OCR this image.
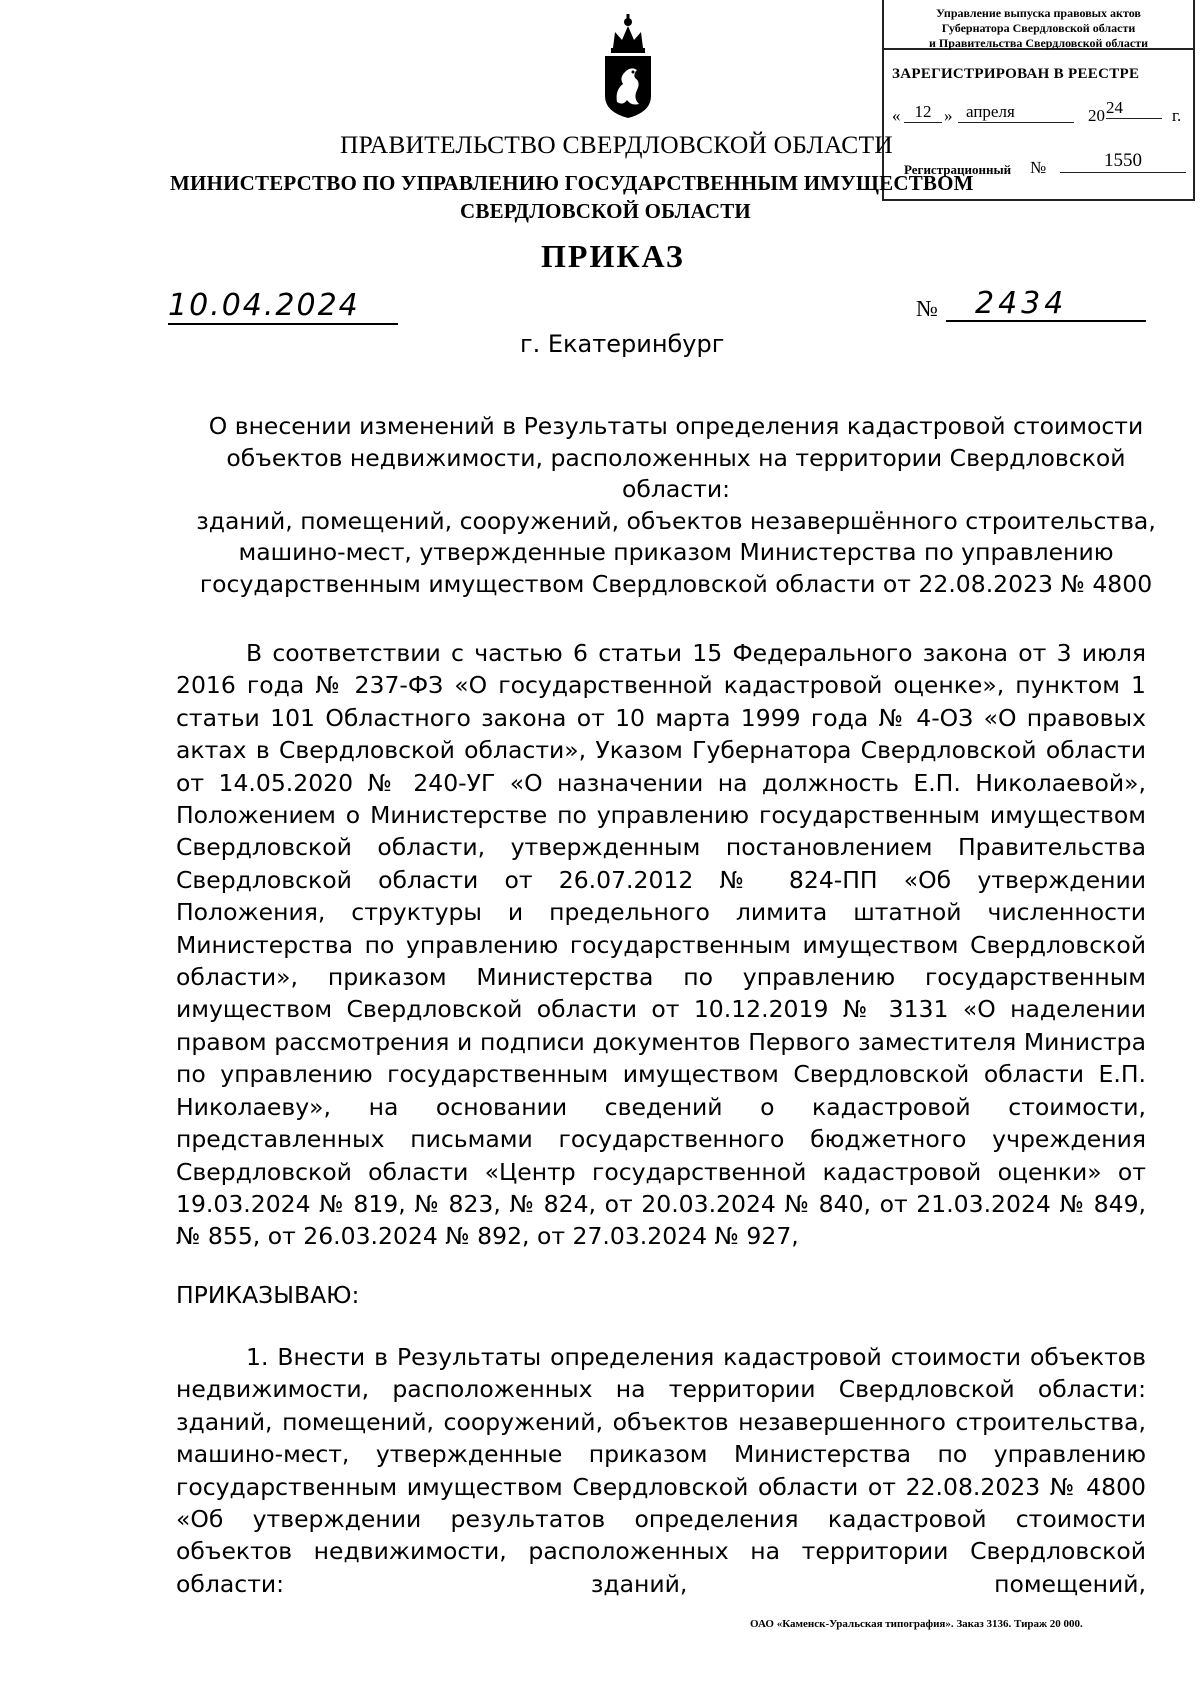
Управление выпуска правовых актов
Губернатора Свердловской области
и Правительства Свердловской области
ЗАРЕГИСТРИРОВАН В РЕЕСТРЕ
« 12 » апреля	20 24	г.
Регистрационный №	1550
ПРАВИТЕЛЬСТВО СВЕРДЛОВСКОЙ ОБЛАСТИ
МИНИСТЕРСТВО ПО УПРАВЛЕНИЮ ГОСУДАРСТВЕННЫМ ИМУЩЕСТВОМ
СВЕРДЛОВСКОЙ ОБЛАСТИ
ПРИКАЗ
10.04.2024	№ 2434
г. Екатеринбург
О внесении изменений в Результаты определения кадастровой стоимости
объектов недвижимости, расположенных на территории Свердловской области:
зданий, помещений, сооружений, объектов незавершённого строительства,
машино-мест, утвержденные приказом Министерства по управлению
государственным имуществом Свердловской области от 22.08.2023 № 4800
В соответствии с частью 6 статьи 15 Федерального закона от 3 июля 2016 года № 237-ФЗ «О государственной кадастровой оценке», пунктом 1 статьи 101 Областного закона от 10 марта 1999 года № 4-ОЗ «О правовых актах в Свердловской области», Указом Губернатора Свердловской области от 14.05.2020 № 240-УГ «О назначении на должность Е.П. Николаевой», Положением о Министерстве по управлению государственным имуществом Свердловской области, утвержденным постановлением Правительства Свердловской области от 26.07.2012 № 824-ПП «Об утверждении Положения, структуры и предельного лимита штатной численности Министерства по управлению государственным имуществом Свердловской области», приказом Министерства по управлению государственным имуществом Свердловской области от 10.12.2019 № 3131 «О наделении правом рассмотрения и подписи документов Первого заместителя Министра по управлению государственным имуществом Свердловской области Е.П. Николаеву», на основании сведений о кадастровой стоимости, представленных письмами государственного бюджетного учреждения Свердловской области «Центр государственной кадастровой оценки» от 19.03.2024 № 819, № 823, № 824, от 20.03.2024 № 840, от 21.03.2024 № 849, № 855, от 26.03.2024 № 892, от 27.03.2024 № 927,
ПРИКАЗЫВАЮ:
1. Внести в Результаты определения кадастровой стоимости объектов недвижимости, расположенных на территории Свердловской области: зданий, помещений, сооружений, объектов незавершенного строительства, машино-мест, утвержденные приказом Министерства по управлению государственным имуществом Свердловской области от 22.08.2023 № 4800 «Об утверждении результатов определения кадастровой стоимости объектов недвижимости, расположенных на территории Свердловской области: зданий, помещений,
ОАО «Каменск-Уральская типография». Заказ 3136. Тираж 20 000.
